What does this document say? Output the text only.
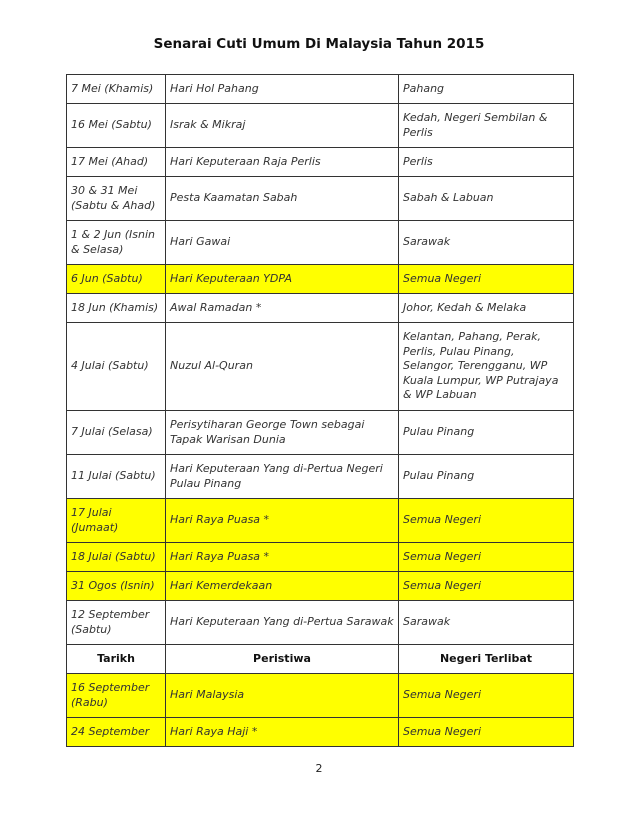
Senarai Cuti Umum Di Malaysia Tahun 2015
7 Mei (Khamis)	Hari Hol Pahang	Pahang
16 Mei (Sabtu)	Israk & Mikraj	Kedah, Negeri Sembilan & Perlis
17 Mei (Ahad)	Hari Keputeraan Raja Perlis	Perlis
30 & 31 Mei (Sabtu & Ahad)	Pesta Kaamatan Sabah	Sabah & Labuan
1 & 2 Jun (Isnin & Selasa)	Hari Gawai	Sarawak
6 Jun (Sabtu)	Hari Keputeraan YDPA	Semua Negeri
18 Jun (Khamis)	Awal Ramadan *	Johor, Kedah & Melaka
4 Julai (Sabtu)	Nuzul Al-Quran	Kelantan, Pahang, Perak, Perlis, Pulau Pinang, Selangor, Terengganu, WP Kuala Lumpur, WP Putrajaya & WP Labuan
7 Julai (Selasa)	Perisytiharan George Town sebagai Tapak Warisan Dunia	Pulau Pinang
11 Julai (Sabtu)	Hari Keputeraan Yang di-Pertua Negeri Pulau Pinang	Pulau Pinang
17 Julai (Jumaat)	Hari Raya Puasa *	Semua Negeri
18 Julai (Sabtu)	Hari Raya Puasa *	Semua Negeri
31 Ogos (Isnin)	Hari Kemerdekaan	Semua Negeri
12 September (Sabtu)	Hari Keputeraan Yang di-Pertua Sarawak	Sarawak
Tarikh	Peristiwa	Negeri Terlibat
16 September (Rabu)	Hari Malaysia	Semua Negeri
24 September	Hari Raya Haji *	Semua Negeri
2
